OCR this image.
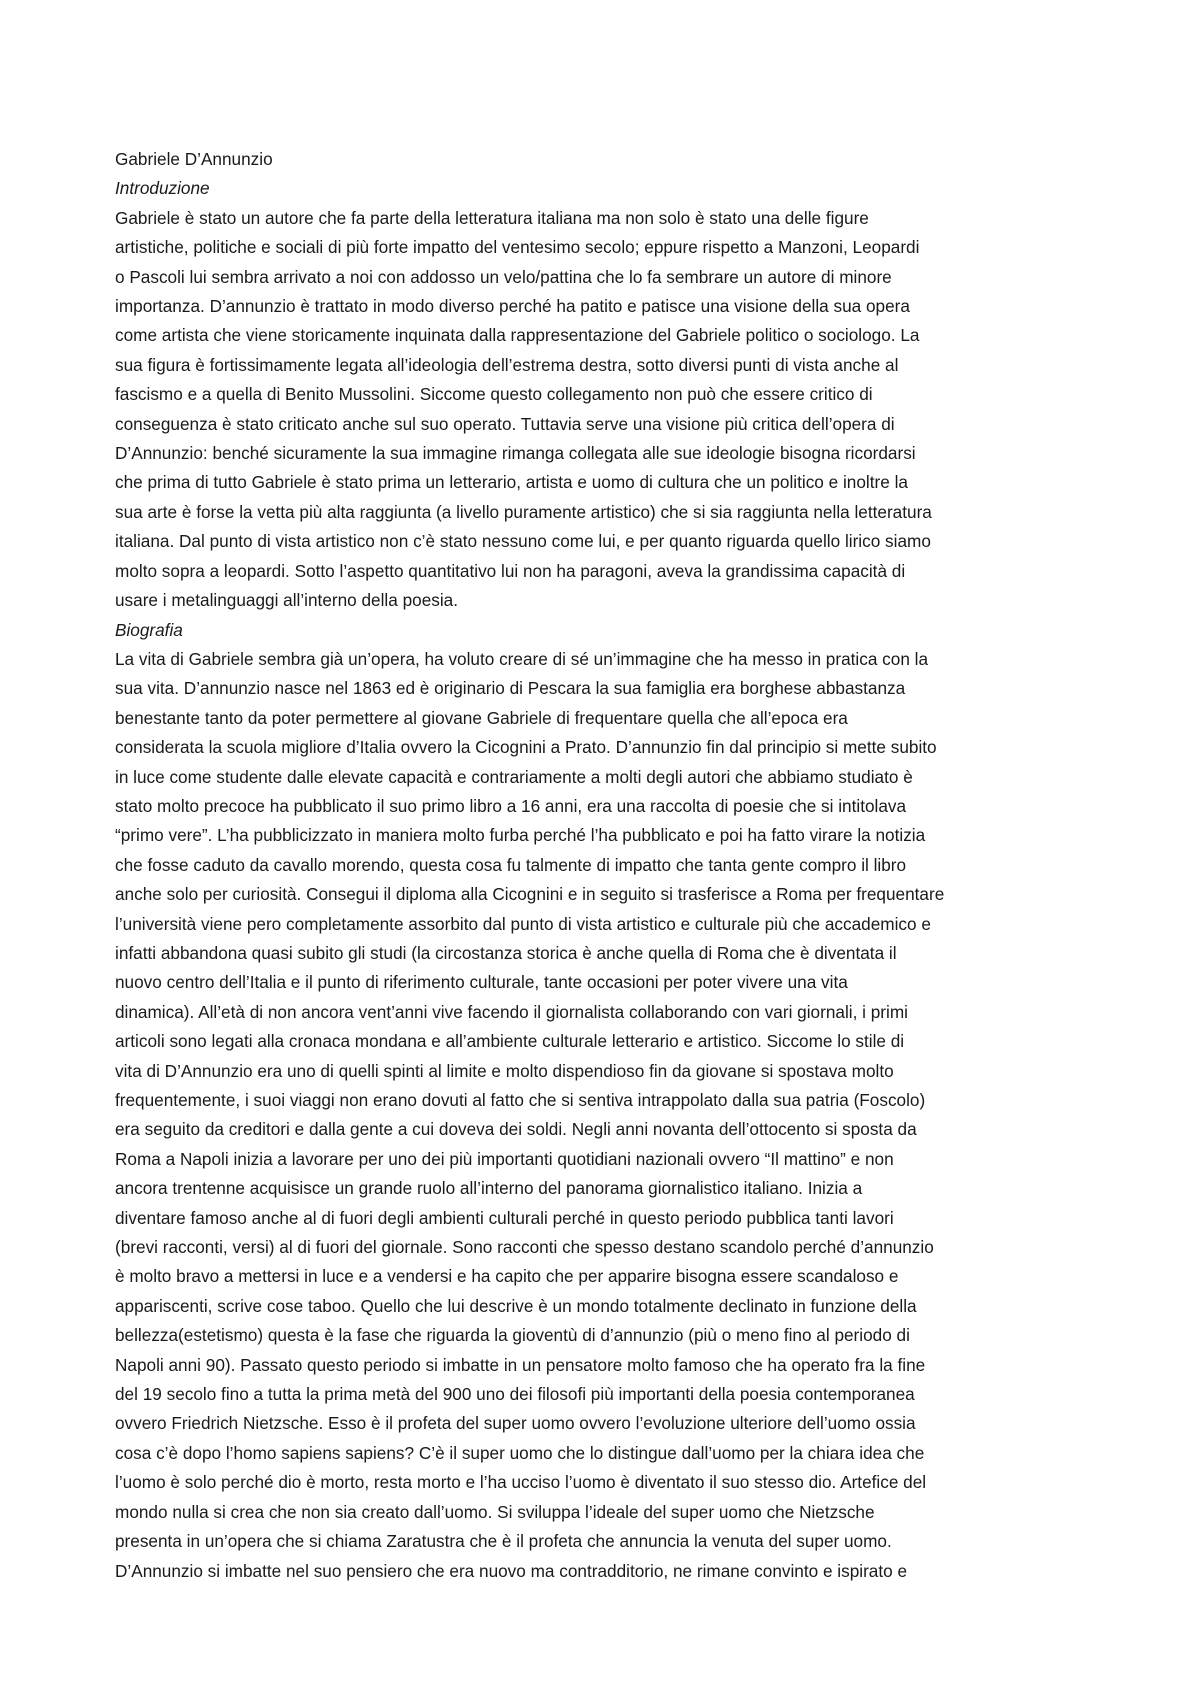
Gabriele D’Annunzio

Introduzione

Gabriele è stato un autore che fa parte della letteratura italiana ma non solo è stato una delle figure
artistiche, politiche e sociali di più forte impatto del ventesimo secolo; eppure rispetto a Manzoni, Leopardi
o Pascoli lui sembra arrivato a noi con addosso un velo/pattina che lo fa sembrare un autore di minore
importanza. D’annunzio è trattato in modo diverso perché ha patito e patisce una visione della sua opera
come artista che viene storicamente inquinata dalla rappresentazione del Gabriele politico o sociologo. La
sua figura è fortissimamente legata all’ideologia dell’estrema destra, sotto diversi punti di vista anche al
fascismo e a quella di Benito Mussolini. Siccome questo collegamento non può che essere critico di
conseguenza è stato criticato anche sul suo operato. Tuttavia serve una visione più critica dell’opera di
D’Annunzio: benché sicuramente la sua immagine rimanga collegata alle sue ideologie bisogna ricordarsi
che prima di tutto Gabriele è stato prima un letterario, artista e uomo di cultura che un politico e inoltre la
sua arte è forse la vetta più alta raggiunta (a livello puramente artistico) che si sia raggiunta nella letteratura
italiana. Dal punto di vista artistico non c’è stato nessuno come lui, e per quanto riguarda quello lirico siamo
molto sopra a leopardi. Sotto l’aspetto quantitativo lui non ha paragoni, aveva la grandissima capacità di
usare i metalinguaggi all’interno della poesia.

Biografia

La vita di Gabriele sembra già un’opera, ha voluto creare di sé un’immagine che ha messo in pratica con la
sua vita. D’annunzio nasce nel 1863 ed è originario di Pescara la sua famiglia era borghese abbastanza
benestante tanto da poter permettere al giovane Gabriele di frequentare quella che all’epoca era
considerata la scuola migliore d’Italia ovvero la Cicognini a Prato. D’annunzio fin dal principio si mette subito
in luce come studente dalle elevate capacità e contrariamente a molti degli autori che abbiamo studiato è
stato molto precoce ha pubblicato il suo primo libro a 16 anni, era una raccolta di poesie che si intitolava
“primo vere”. L’ha pubblicizzato in maniera molto furba perché l’ha pubblicato e poi ha fatto virare la notizia
che fosse caduto da cavallo morendo, questa cosa fu talmente di impatto che tanta gente compro il libro
anche solo per curiosità. Consegui il diploma alla Cicognini e in seguito si trasferisce a Roma per frequentare
l’università viene pero completamente assorbito dal punto di vista artistico e culturale più che accademico e
infatti abbandona quasi subito gli studi (la circostanza storica è anche quella di Roma che è diventata il
nuovo centro dell’Italia e il punto di riferimento culturale, tante occasioni per poter vivere una vita
dinamica). All’età di non ancora vent’anni vive facendo il giornalista collaborando con vari giornali, i primi
articoli sono legati alla cronaca mondana e all’ambiente culturale letterario e artistico. Siccome lo stile di
vita di D’Annunzio era uno di quelli spinti al limite e molto dispendioso fin da giovane si spostava molto
frequentemente, i suoi viaggi non erano dovuti al fatto che si sentiva intrappolato dalla sua patria (Foscolo)
era seguito da creditori e dalla gente a cui doveva dei soldi. Negli anni novanta dell’ottocento si sposta da
Roma a Napoli inizia a lavorare per uno dei più importanti quotidiani nazionali ovvero “Il mattino” e non
ancora trentenne acquisisce un grande ruolo all’interno del panorama giornalistico italiano. Inizia a
diventare famoso anche al di fuori degli ambienti culturali perché in questo periodo pubblica tanti lavori
(brevi racconti, versi) al di fuori del giornale. Sono racconti che spesso destano scandolo perché d’annunzio
è molto bravo a mettersi in luce e a vendersi e ha capito che per apparire bisogna essere scandaloso e
appariscenti, scrive cose taboo. Quello che lui descrive è un mondo totalmente declinato in funzione della
bellezza(estetismo) questa è la fase che riguarda la gioventù di d’annunzio (più o meno fino al periodo di
Napoli anni 90). Passato questo periodo si imbatte in un pensatore molto famoso che ha operato fra la fine
del 19 secolo fino a tutta la prima metà del 900 uno dei filosofi più importanti della poesia contemporanea
ovvero Friedrich Nietzsche. Esso è il profeta del super uomo ovvero l’evoluzione ulteriore dell’uomo ossia
cosa c’è dopo l’homo sapiens sapiens? C’è il super uomo che lo distingue dall’uomo per la chiara idea che
l’uomo è solo perché dio è morto, resta morto e l’ha ucciso l’uomo è diventato il suo stesso dio. Artefice del
mondo nulla si crea che non sia creato dall’uomo. Si sviluppa l’ideale del super uomo che Nietzsche
presenta in un’opera che si chiama Zaratustra che è il profeta che annuncia la venuta del super uomo.
D’Annunzio si imbatte nel suo pensiero che era nuovo ma contradditorio, ne rimane convinto e ispirato e
